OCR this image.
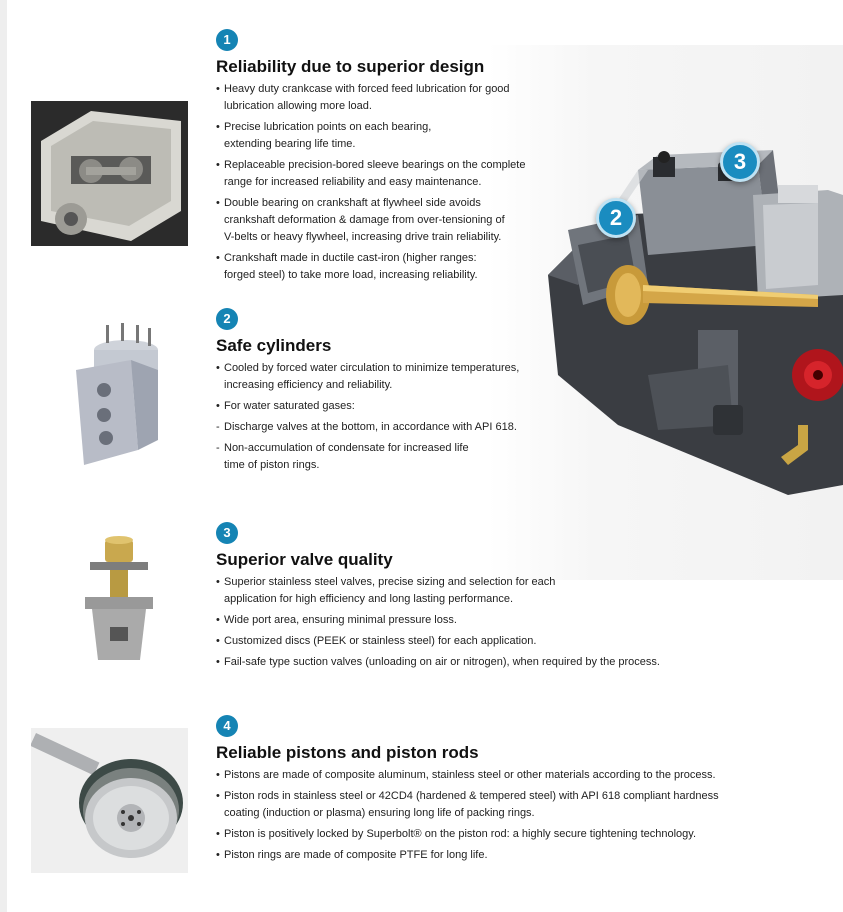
2
3
1
Reliability due to superior design
• Heavy duty crankcase with forced feed lubrication for good
lubrication allowing more load.
• Precise lubrication points on each bearing,
extending bearing life time.
• Replaceable precision-bored sleeve bearings on the complete
range for increased reliability and easy maintenance.
• Double bearing on crankshaft at flywheel side avoids
crankshaft deformation & damage from over-tensioning of
V-belts or heavy flywheel, increasing drive train reliability.
• Crankshaft made in ductile cast-iron (higher ranges:
forged steel) to take more load, increasing reliability.
2
Safe cylinders
• Cooled by forced water circulation to minimize temperatures,
increasing efficiency and reliability.
• For water saturated gases:
- Discharge valves at the bottom, in accordance with API 618.
- Non-accumulation of condensate for increased life
time of piston rings.
3
Superior valve quality
• Superior stainless steel valves, precise sizing and selection for each
application for high efficiency and long lasting performance.
• Wide port area, ensuring minimal pressure loss.
• Customized discs (PEEK or stainless steel) for each application.
• Fail-safe type suction valves (unloading on air or nitrogen), when required by the process.
4
Reliable pistons and piston rods
• Pistons are made of composite aluminum, stainless steel or other materials according to the process.
• Piston rods in stainless steel or 42CD4 (hardened & tempered steel) with API 618 compliant hardness
coating (induction or plasma) ensuring long life of packing rings.
• Piston is positively locked by Superbolt® on the piston rod: a highly secure tightening technology.
• Piston rings are made of composite PTFE for long life.
